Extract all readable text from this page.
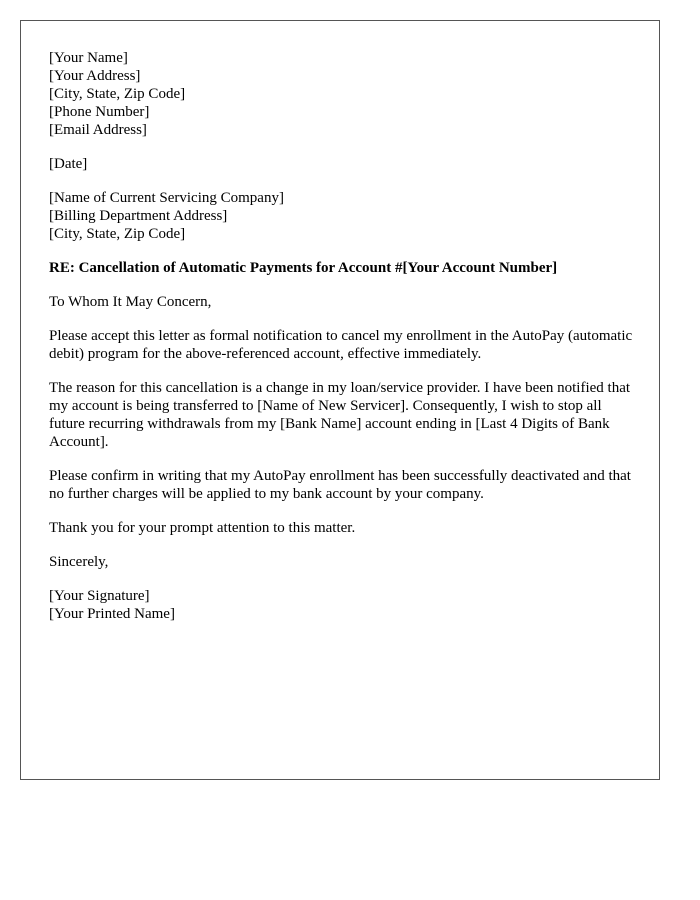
[Your Name]
[Your Address]
[City, State, Zip Code]
[Phone Number]
[Email Address]
[Date]
[Name of Current Servicing Company]
[Billing Department Address]
[City, State, Zip Code]
RE: Cancellation of Automatic Payments for Account #[Your Account Number]

To Whom It May Concern,

Please accept this letter as formal notification to cancel my enrollment in the AutoPay (automatic debit) program for the above-referenced account, effective immediately.

The reason for this cancellation is a change in my loan/service provider. I have been notified that my account is being transferred to [Name of New Servicer]. Consequently, I wish to stop all future recurring withdrawals from my [Bank Name] account ending in [Last 4 Digits of Bank Account].

Please confirm in writing that my AutoPay enrollment has been successfully deactivated and that no further charges will be applied to my bank account by your company.

Thank you for your prompt attention to this matter.

Sincerely,

[Your Signature]
[Your Printed Name]
